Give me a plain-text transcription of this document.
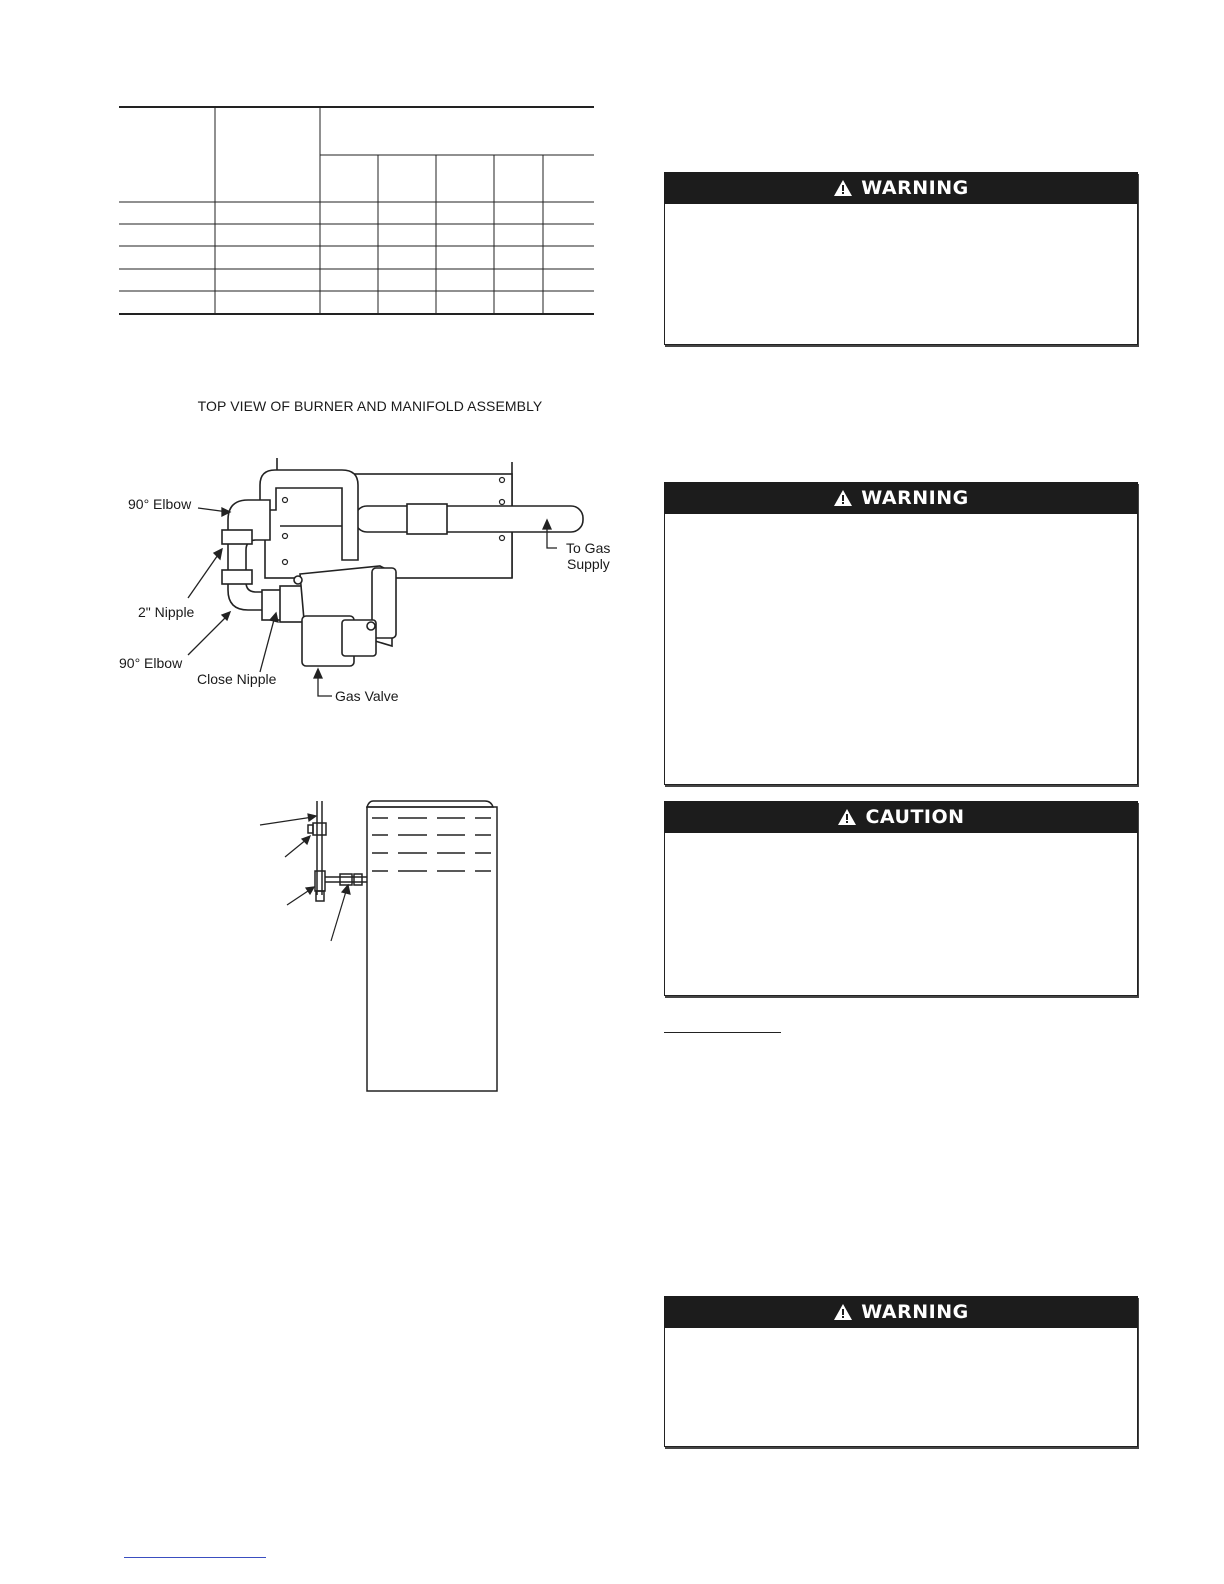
TOP VIEW OF BURNER AND MANIFOLD ASSEMBLY
90° Elbow
2" Nipple
90° Elbow
Close Nipple
Gas Valve
To Gas
Supply
WARNING
WARNING
CAUTION
WARNING
